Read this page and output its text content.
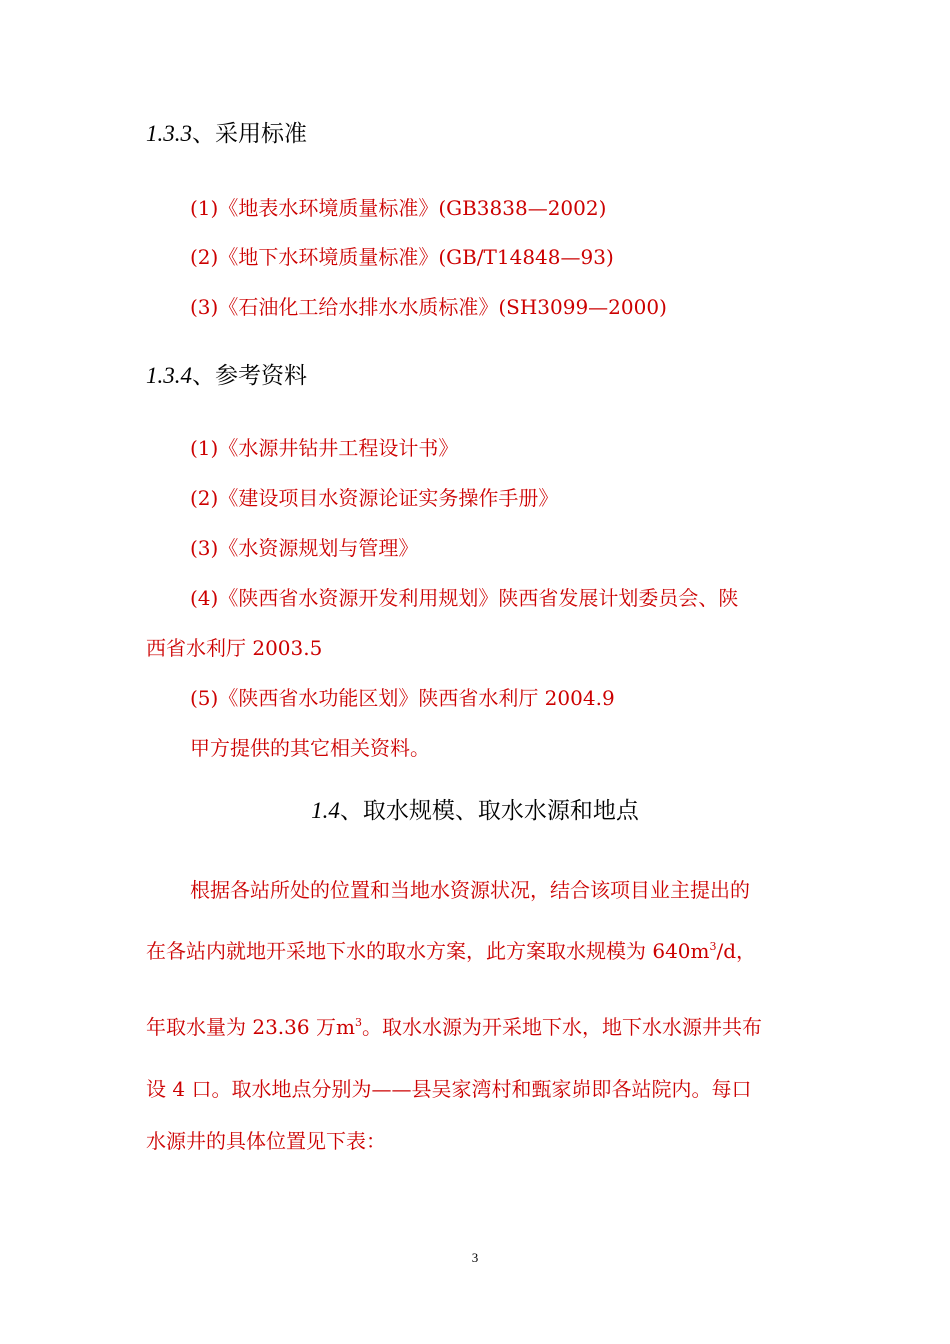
1.3.3、采用标准
(1)《地表水环境质量标准》(GB3838—2002)
(2)《地下水环境质量标准》(GB/T14848—93)
(3)《石油化工给水排水水质标准》(SH3099—2000)
1.3.4、参考资料
(1)《水源井钻井工程设计书》
(2)《建设项目水资源论证实务操作手册》
(3)《水资源规划与管理》
(4)《陕西省水资源开发利用规划》陕西省发展计划委员会、陕
西省水利厅 2003.5
(5)《陕西省水功能区划》陕西省水利厅 2004.9
甲方提供的其它相关资料。
1.4、取水规模、取水水源和地点
根据各站所处的位置和当地水资源状况，结合该项目业主提出的
在各站内就地开采地下水的取水方案，此方案取水规模为 $640m^3/d$，
年取水量为 23.36 万$m^3$。取水水源为开采地下水，地下水水源井共布
设 4 口。取水地点分别为——县吴家湾村和甄家峁即各站院内。每口
水源井的具体位置见下表：
3
